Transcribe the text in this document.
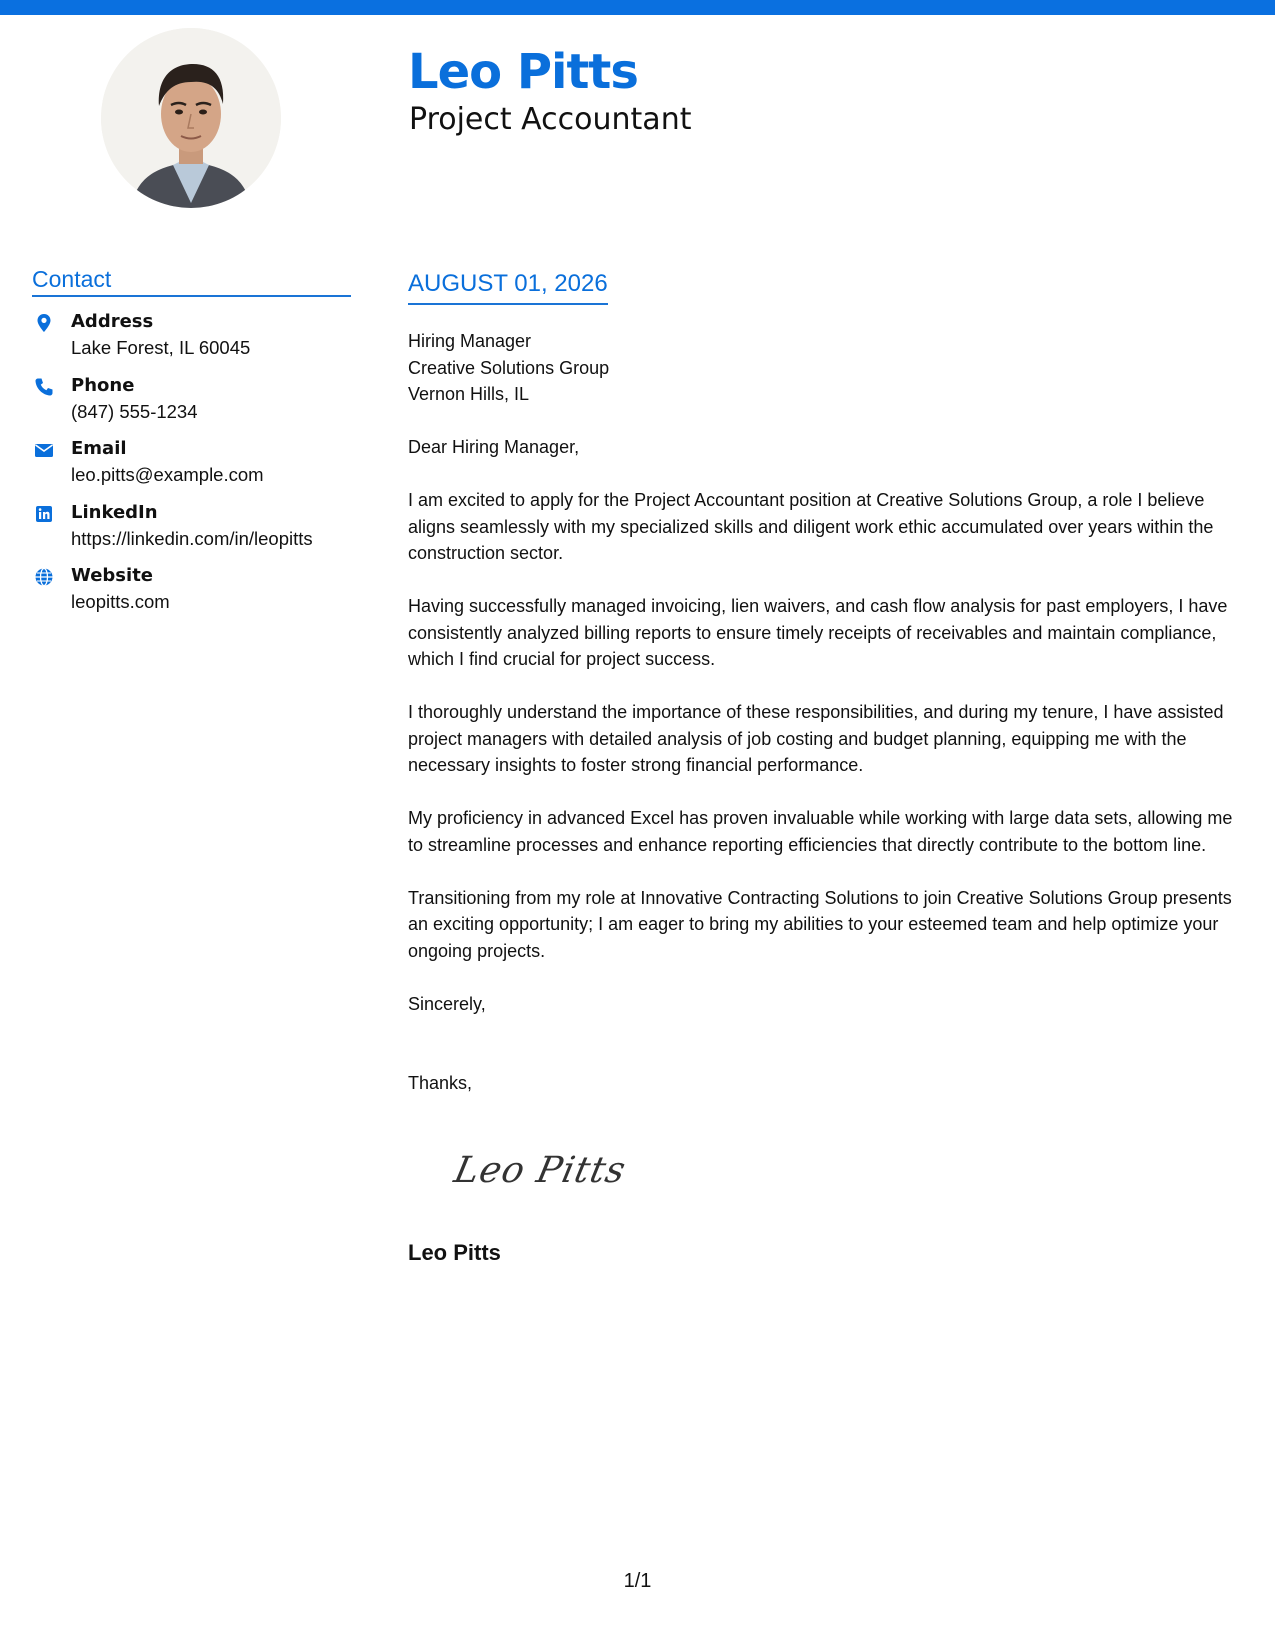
Leo Pitts
Project Accountant
Contact
Address
Lake Forest, IL 60045
Phone
(847) 555-1234
Email
leo.pitts@example.com
LinkedIn
https://linkedin.com/in/leopitts
Website
leopitts.com
AUGUST 01, 2026
Hiring Manager
Creative Solutions Group
Vernon Hills, IL

Dear Hiring Manager,

I am excited to apply for the Project Accountant position at Creative Solutions Group, a role I believe aligns seamlessly with my specialized skills and diligent work ethic accumulated over years within the construction sector.

Having successfully managed invoicing, lien waivers, and cash flow analysis for past employers, I have consistently analyzed billing reports to ensure timely receipts of receivables and maintain compliance, which I find crucial for project success.

I thoroughly understand the importance of these responsibilities, and during my tenure, I have assisted project managers with detailed analysis of job costing and budget planning, equipping me with the necessary insights to foster strong financial performance.

My proficiency in advanced Excel has proven invaluable while working with large data sets, allowing me to streamline processes and enhance reporting efficiencies that directly contribute to the bottom line.

Transitioning from my role at Innovative Contracting Solutions to join Creative Solutions Group presents an exciting opportunity; I am eager to bring my abilities to your esteemed team and help optimize your ongoing projects.

Sincerely,

Thanks,

Leo Pitts
Leo Pitts
1/1
